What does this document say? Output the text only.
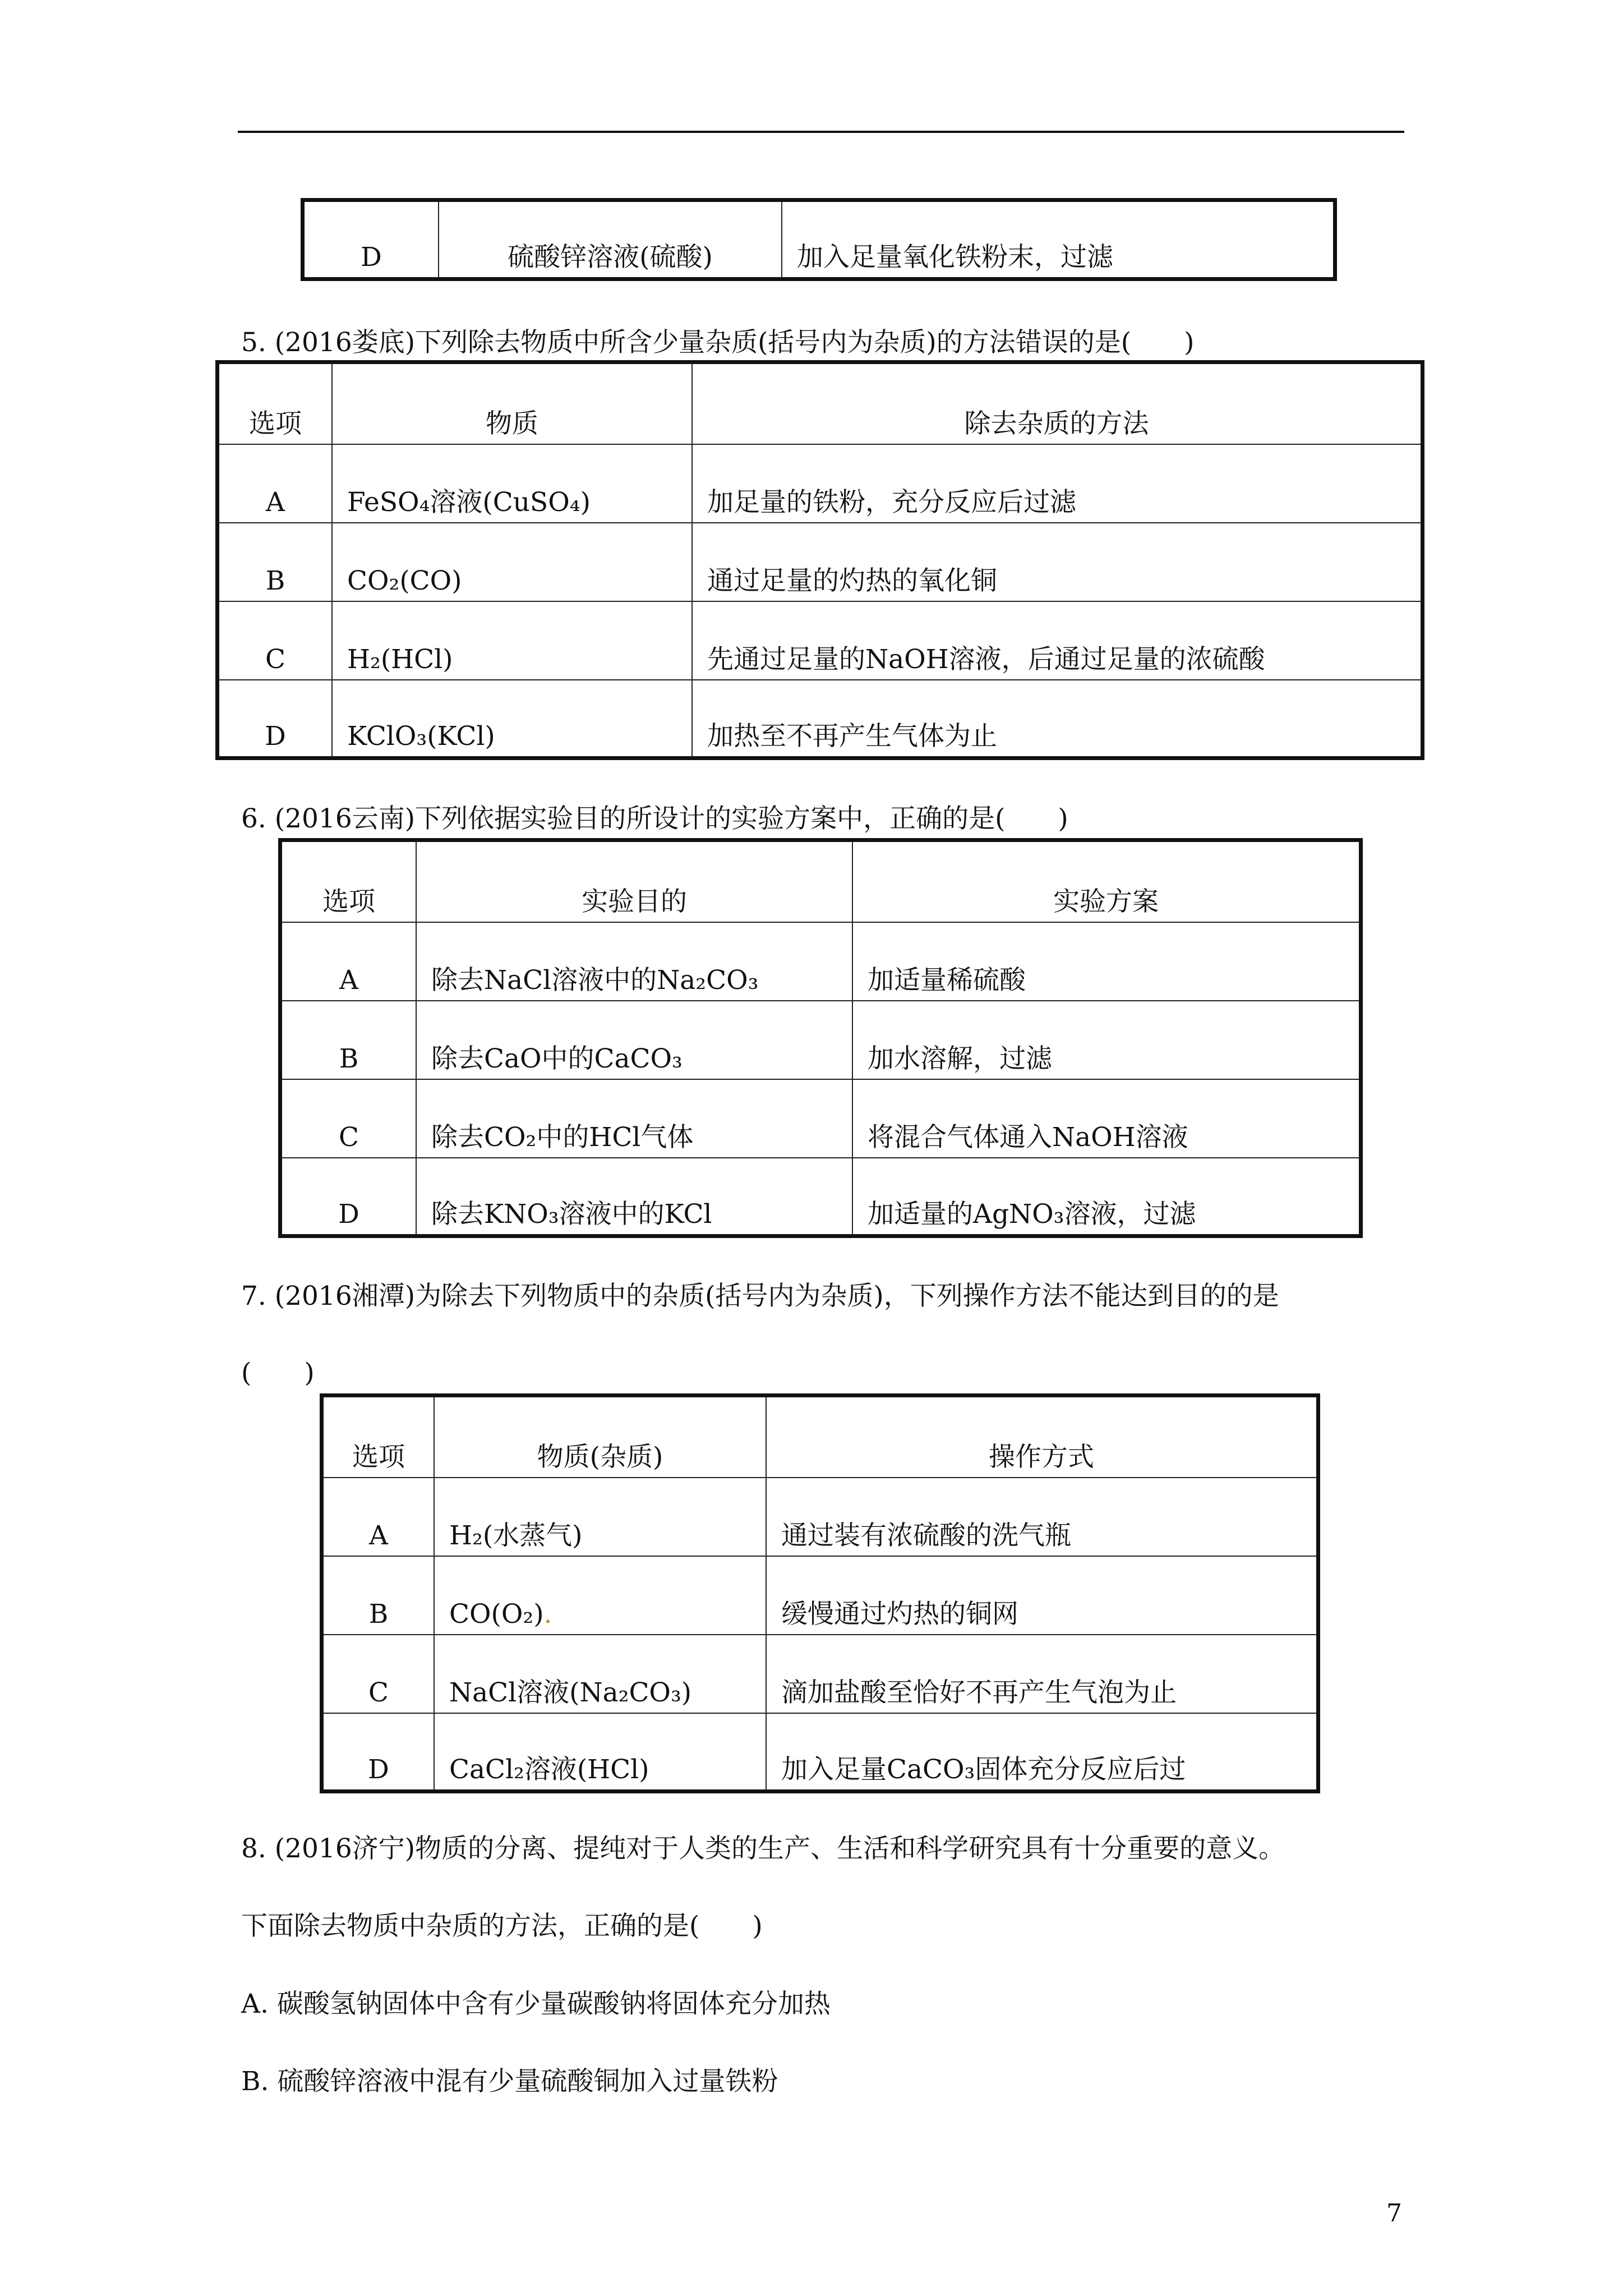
D	硫酸锌溶液(硫酸)	加入足量氧化铁粉末，过滤
5. (2016娄底)下列除去物质中所含少量杂质(括号内为杂质)的方法错误的是(　　)
选项	物质	除去杂质的方法
A	FeSO₄溶液(CuSO₄)	加足量的铁粉，充分反应后过滤
B	CO₂(CO)	通过足量的灼热的氧化铜
C	H₂(HCl)	先通过足量的NaOH溶液，后通过足量的浓硫酸
D	KClO₃(KCl)	加热至不再产生气体为止
6. (2016云南)下列依据实验目的所设计的实验方案中，正确的是(　　)
选项	实验目的	实验方案
A	除去NaCl溶液中的Na₂CO₃	加适量稀硫酸
B	除去CaO中的CaCO₃	加水溶解，过滤
C	除去CO₂中的HCl气体	将混合气体通入NaOH溶液
D	除去KNO₃溶液中的KCl	加适量的AgNO₃溶液，过滤
7. (2016湘潭)为除去下列物质中的杂质(括号内为杂质)，下列操作方法不能达到目的的是
(　　)
选项	物质(杂质)	操作方式
A	H₂(水蒸气)	通过装有浓硫酸的洗气瓶
B	CO(O₂).	缓慢通过灼热的铜网
C	NaCl溶液(Na₂CO₃)	滴加盐酸至恰好不再产生气泡为止
D	CaCl₂溶液(HCl)	加入足量CaCO₃固体充分反应后过
8. (2016济宁)物质的分离、提纯对于人类的生产、生活和科学研究具有十分重要的意义。
下面除去物质中杂质的方法，正确的是(　　)
A. 碳酸氢钠固体中含有少量碳酸钠将固体充分加热
B. 硫酸锌溶液中混有少量硫酸铜加入过量铁粉
7
